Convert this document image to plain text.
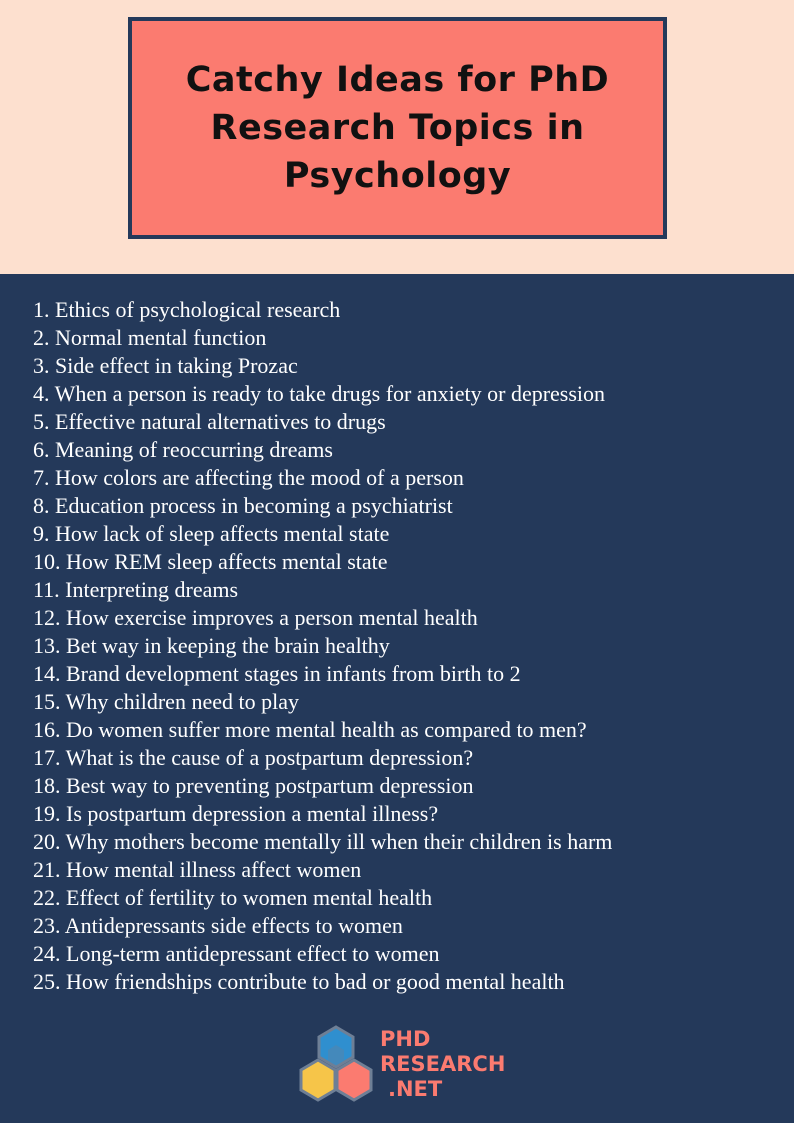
Catchy Ideas for PhD Research Topics in Psychology
1. Ethics of psychological research
2. Normal mental function
3. Side effect in taking Prozac
4. When a person is ready to take drugs for anxiety or depression
5. Effective natural alternatives to drugs
6. Meaning of reoccurring dreams
7. How colors are affecting the mood of a person
8. Education process in becoming a psychiatrist
9. How lack of sleep affects mental state
10. How REM sleep affects mental state
11. Interpreting dreams
12. How exercise improves a person mental health
13. Bet way in keeping the brain healthy
14. Brand development stages in infants from birth to 2
15. Why children need to play
16. Do women suffer more mental health as compared to men?
17. What is the cause of a postpartum depression?
18. Best way to preventing postpartum depression
19. Is postpartum depression a mental illness?
20. Why mothers become mentally ill when their children is harm
21. How mental illness affect women
22. Effect of fertility to women mental health
23. Antidepressants side effects to women
24. Long-term antidepressant effect to women
25. How friendships contribute to bad or good mental health
PHD
RESEARCH
.NET
